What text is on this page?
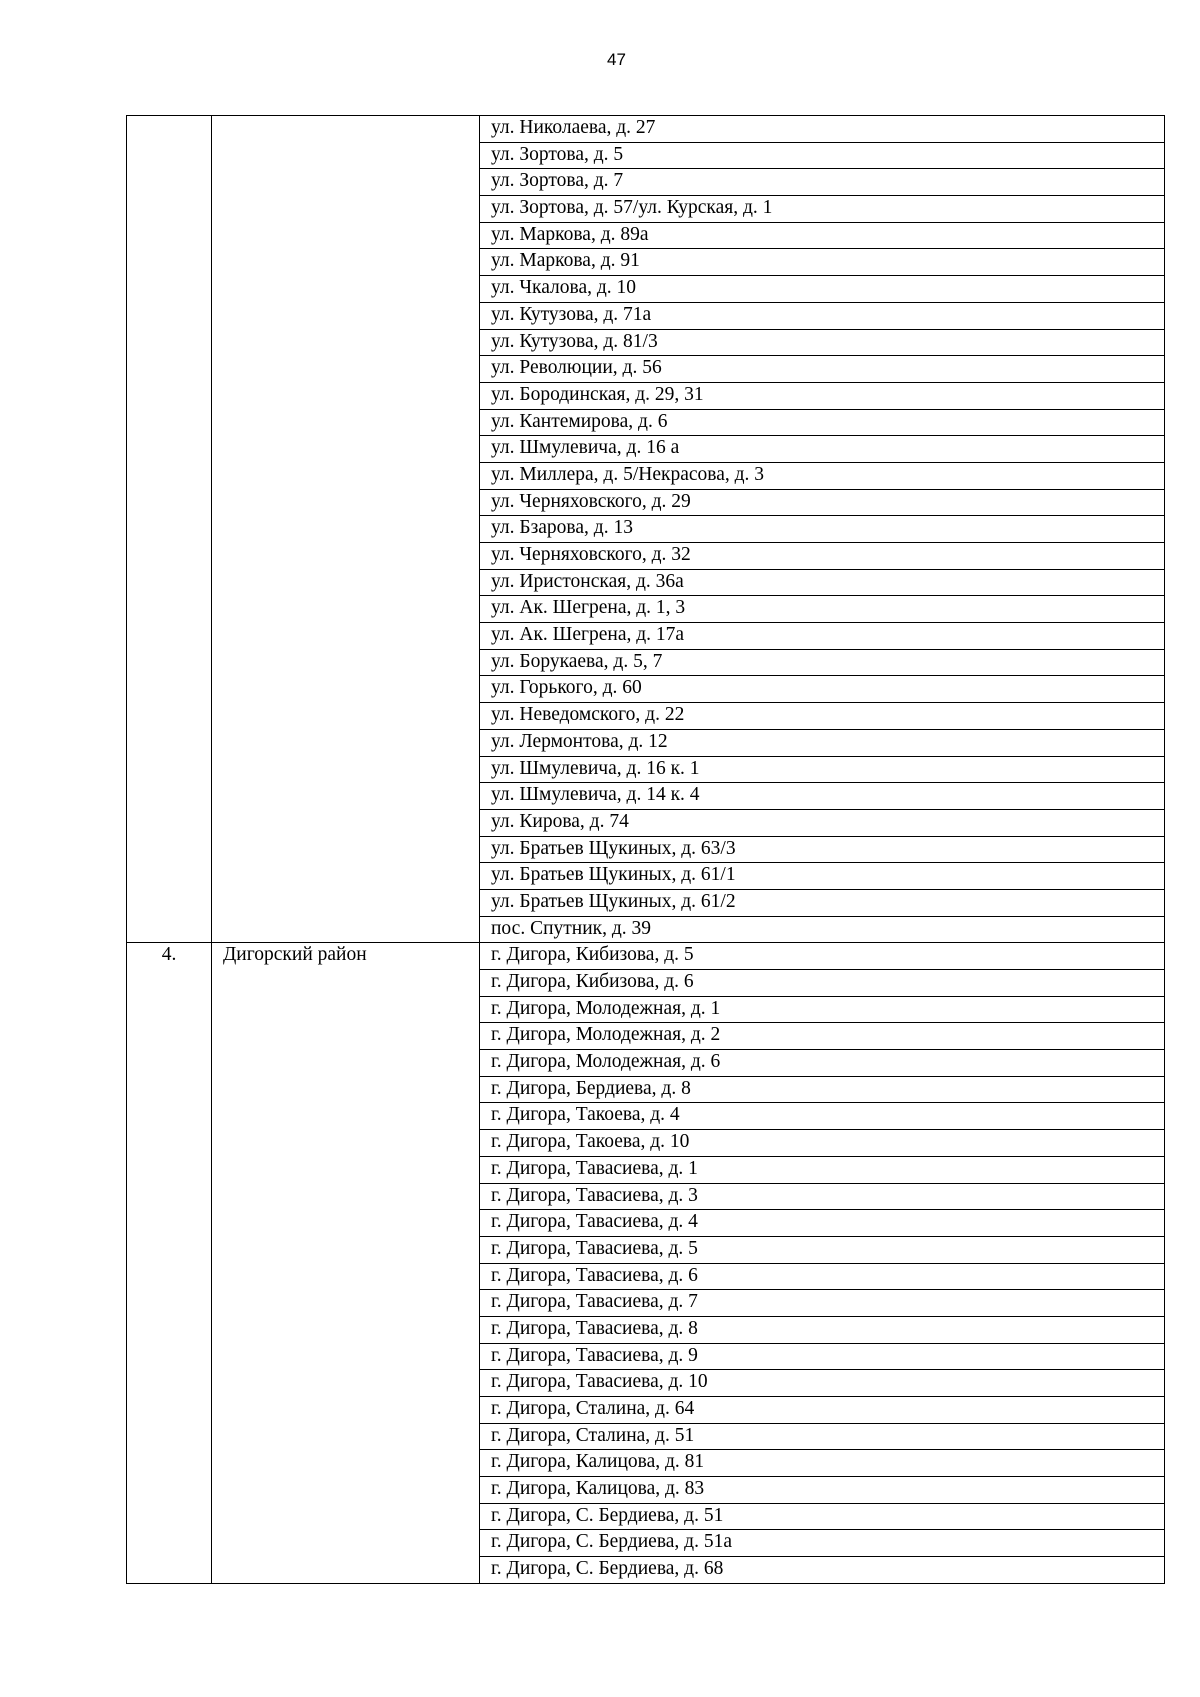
47
		ул. Николаева, д. 27
		ул. Зортова, д. 5
		ул. Зортова, д. 7
		ул. Зортова, д. 57/ул. Курская, д. 1
		ул. Маркова, д. 89а
		ул. Маркова, д. 91
		ул. Чкалова, д. 10
		ул. Кутузова, д. 71а
		ул. Кутузова, д. 81/3
		ул. Революции, д. 56
		ул. Бородинская, д. 29, 31
		ул. Кантемирова, д. 6
		ул. Шмулевича, д. 16 а
		ул. Миллера, д. 5/Некрасова, д. 3
		ул. Черняховского, д. 29
		ул. Бзарова, д. 13
		ул. Черняховского, д. 32
		ул. Иристонская, д. 36а
		ул. Ак. Шегрена, д. 1, 3
		ул. Ак. Шегрена, д. 17а
		ул. Борукаева, д. 5, 7
		ул. Горького, д. 60
		ул. Неведомского, д. 22
		ул. Лермонтова, д. 12
		ул. Шмулевича, д. 16 к. 1
		ул. Шмулевича, д. 14 к. 4
		ул. Кирова, д. 74
		ул. Братьев Щукиных, д. 63/3
		ул. Братьев Щукиных, д. 61/1
		ул. Братьев Щукиных, д. 61/2
		пос. Спутник, д. 39
4.	Дигорский район	г. Дигора, Кибизова, д. 5
		г. Дигора, Кибизова, д. 6
		г. Дигора, Молодежная, д. 1
		г. Дигора, Молодежная, д. 2
		г. Дигора, Молодежная, д. 6
		г. Дигора, Бердиева, д. 8
		г. Дигора, Такоева, д. 4
		г. Дигора, Такоева, д. 10
		г. Дигора, Тавасиева, д. 1
		г. Дигора, Тавасиева, д. 3
		г. Дигора, Тавасиева, д. 4
		г. Дигора, Тавасиева, д. 5
		г. Дигора, Тавасиева, д. 6
		г. Дигора, Тавасиева, д. 7
		г. Дигора, Тавасиева, д. 8
		г. Дигора, Тавасиева, д. 9
		г. Дигора, Тавасиева, д. 10
		г. Дигора, Сталина, д. 64
		г. Дигора, Сталина, д. 51
		г. Дигора, Калицова, д. 81
		г. Дигора, Калицова, д. 83
		г. Дигора, С. Бердиева, д. 51
		г. Дигора, С. Бердиева, д. 51а
		г. Дигора, С. Бердиева, д. 68
